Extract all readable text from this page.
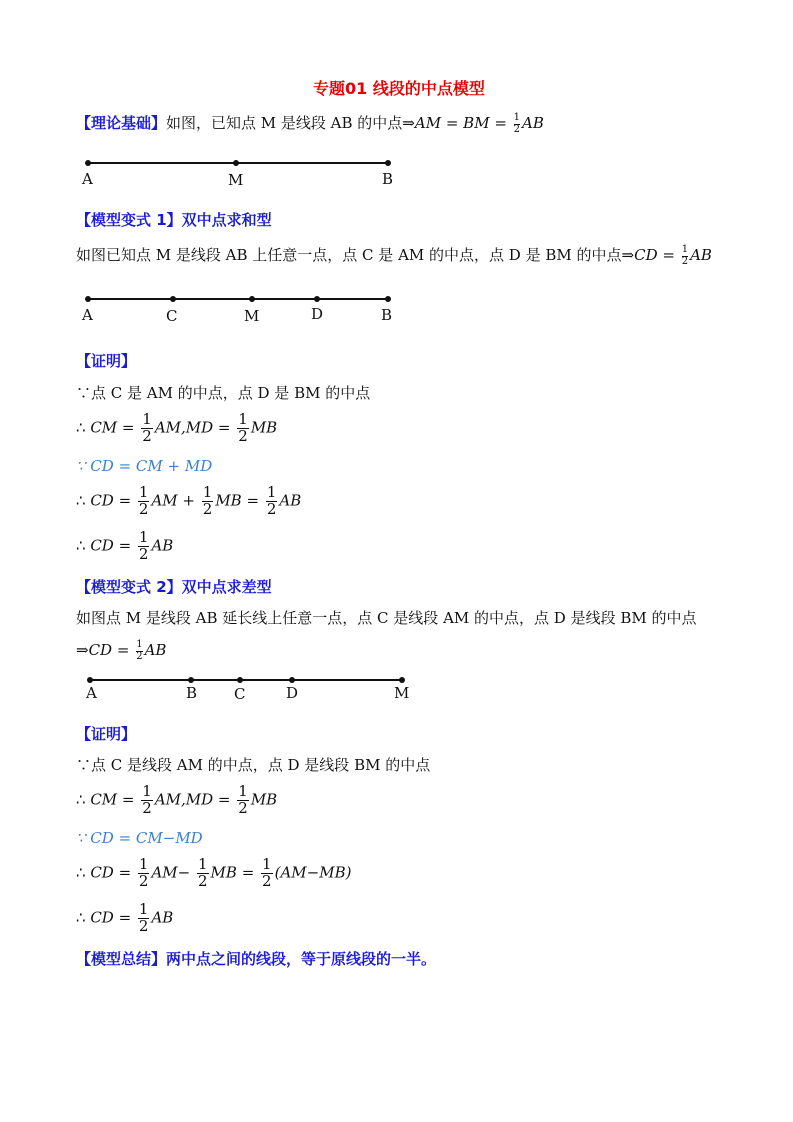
专题01 线段的中点模型
【理论基础】如图，已知点 M 是线段 AB 的中点⇒AM = BM = $\frac{1}{2}$ AB
A	M	B
【模型变式 1】双中点求和型
如图已知点 M 是线段 AB 上任意一点，点 C 是 AM 的中点，点 D 是 BM 的中点⇒CD = $\frac{1}{2}$ AB
A	C	M	D	B
【证明】
∵点 C 是 AM 的中点，点 D 是 BM 的中点
∴ CM = $\frac{1}{2} AM,MD = \frac{1}{2}$ MB
∵ CD = CM + MD
∴ CD = $\frac{1}{2}$ AM + $\frac{1}{2}$ MB = $\frac{1}{2}$ AB
∴ CD = $\frac{1}{2}$ AB
【模型变式 2】双中点求差型
如图点 M 是线段 AB 延长线上任意一点，点 C 是线段 AM 的中点，点 D 是线段 BM 的中点
⇒CD = $\frac{1}{2}$ AB
A	B C	D	M
【证明】
∵点 C 是线段 AM 的中点，点 D 是线段 BM 的中点
∴ CM = $\frac{1}{2} AM,MD = \frac{1}{2}$ MB
∵ CD = CM−MD
∴ CD = $\frac{1}{2} AM- \frac{1}{2}$ MB = $\frac{1}{2} (AM-MB)$
∴ CD = $\frac{1}{2}$ AB
【模型总结】两中点之间的线段，等于原线段的一半。
